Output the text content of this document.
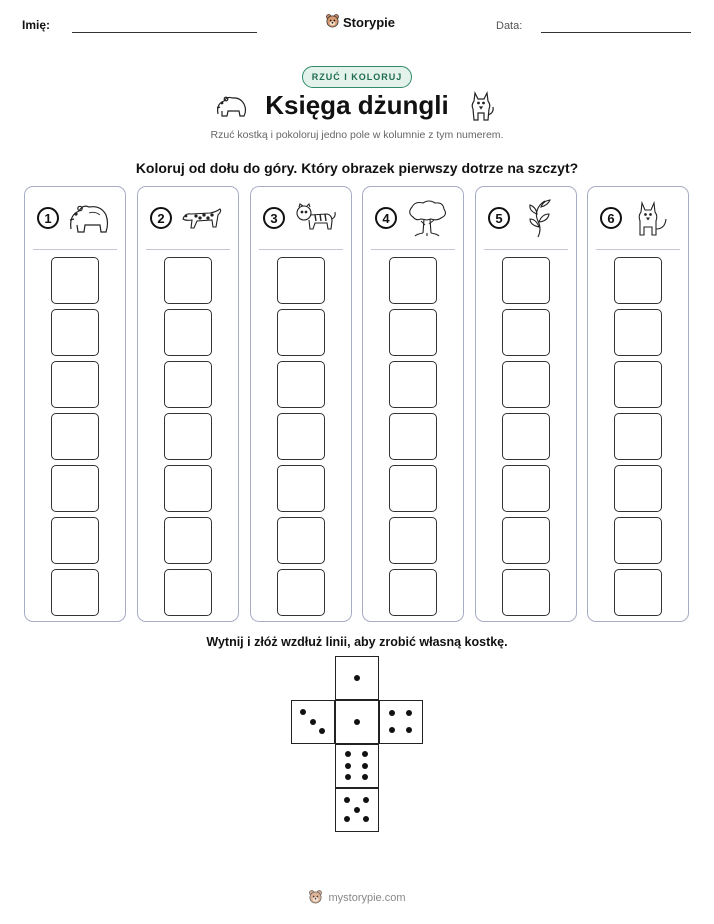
Imię:	Storypie	Data:
RZUĆ I KOLORUJ
Księga dżungli
Rzuć kostką i pokoloruj jedno pole w kolumnie z tym numerem.
Koloruj od dołu do góry. Który obrazek pierwszy dotrze na szczyt?
1	2	3	4	5	6
Wytnij i złóż wzdłuż linii, aby zrobić własną kostkę.
mystorypie.com
